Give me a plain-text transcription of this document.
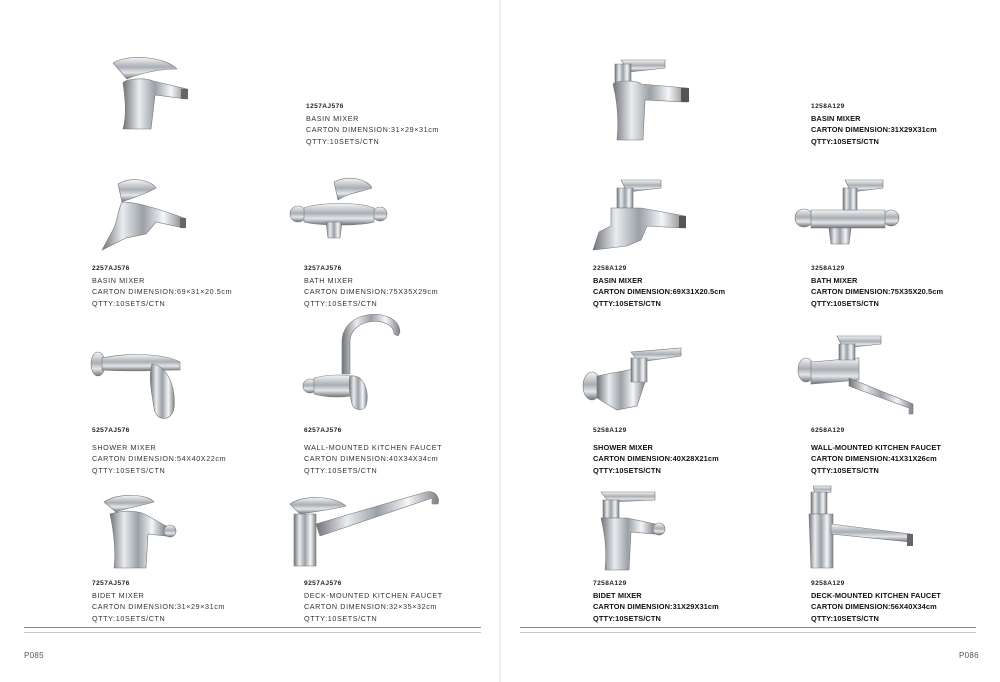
1257AJ576
BASIN MIXER
CARTON DIMENSION:31×29×31cm
QTTY:10SETS/CTN
2257AJ576
BASIN MIXER
CARTON DIMENSION:69×31×20.5cm
QTTY:10SETS/CTN
3257AJ576
BATH MIXER
CARTON DIMENSION:75X35X29cm
QTTY:10SETS/CTN
5257AJ576
SHOWER MIXER
CARTON DIMENSION:54X40X22cm
QTTY:10SETS/CTN
6257AJ576
WALL-MOUNTED KITCHEN FAUCET
CARTON DIMENSION:40X34X34cm
QTTY:10SETS/CTN
7257AJ576
BIDET MIXER
CARTON DIMENSION:31×29×31cm
QTTY:10SETS/CTN
9257AJ576
DECK-MOUNTED KITCHEN FAUCET
CARTON DIMENSION:32×35×32cm
QTTY:10SETS/CTN
P085
1258A129
BASIN MIXER
CARTON DIMENSION:31X29X31cm
QTTY:10SETS/CTN
2258A129
BASIN MIXER
CARTON DIMENSION:69X31X20.5cm
QTTY:10SETS/CTN
3258A129
BATH MIXER
CARTON DIMENSION:75X35X20.5cm
QTTY:10SETS/CTN
5258A129
SHOWER MIXER
CARTON DIMENSION:40X28X21cm
QTTY:10SETS/CTN
6258A129
WALL-MOUNTED KITCHEN FAUCET
CARTON DIMENSION:41X31X26cm
QTTY:10SETS/CTN
7258A129
BIDET MIXER
CARTON DIMENSION:31X29X31cm
QTTY:10SETS/CTN
9258A129
DECK-MOUNTED KITCHEN FAUCET
CARTON DIMENSION:56X40X34cm
QTTY:10SETS/CTN
P086
